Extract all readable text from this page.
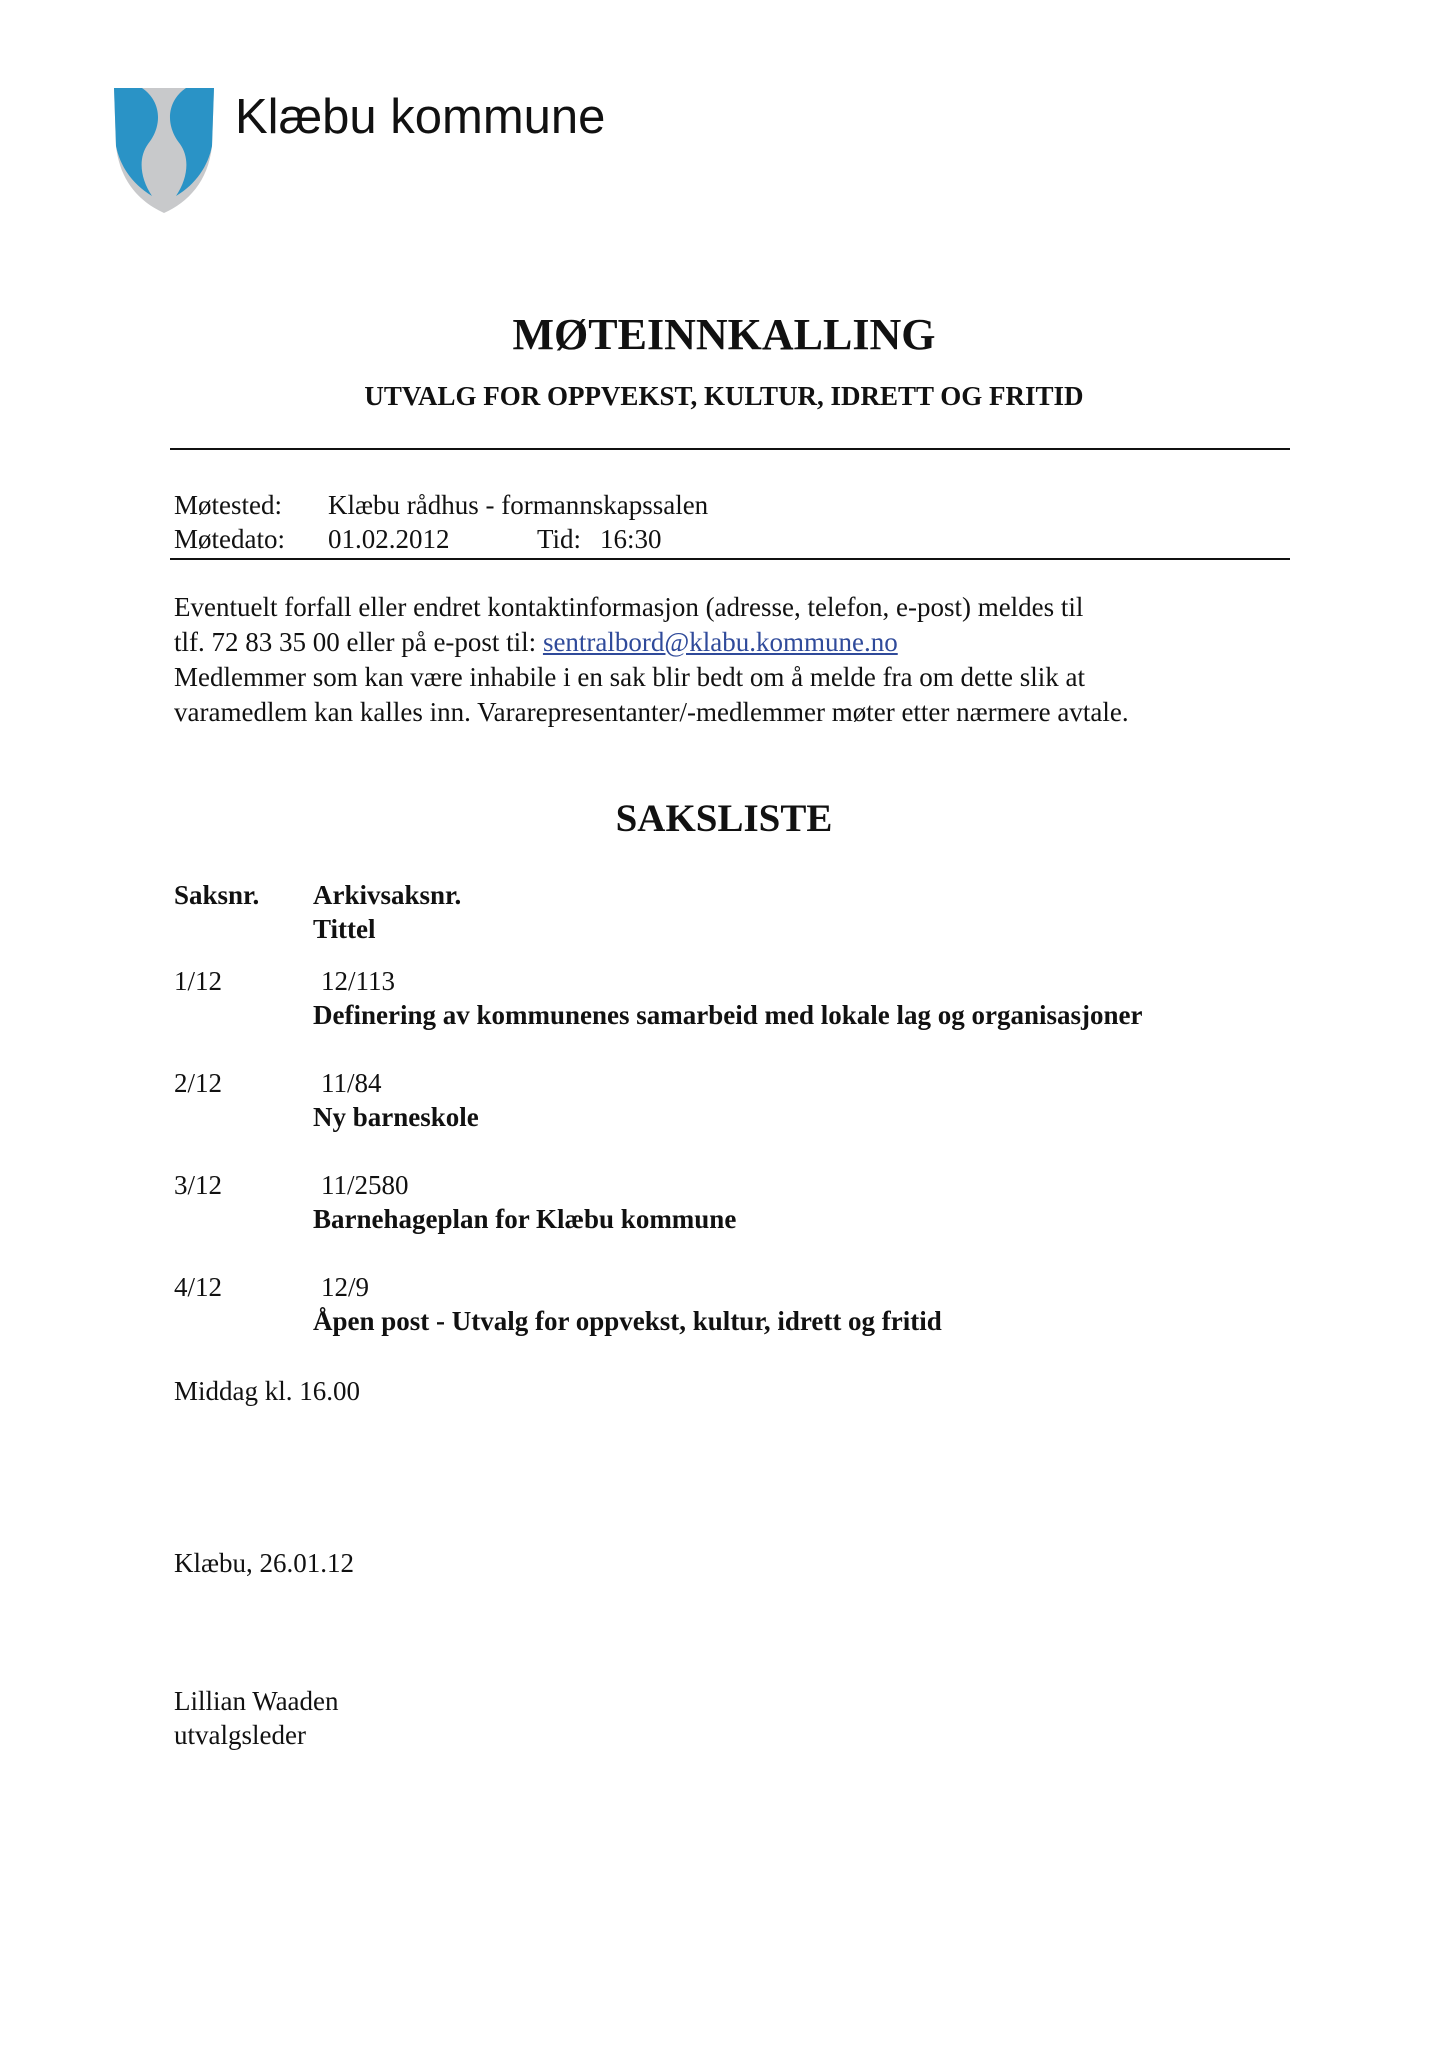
Klæbu kommune
MØTEINNKALLING
UTVALG FOR OPPVEKST, KULTUR, IDRETT OG FRITID
Møtested: Klæbu rådhus - formannskapssalen
Møtedato: 01.02.2012	Tid: 16:30

Eventuelt forfall eller endret kontaktinformasjon (adresse, telefon, e-post) meldes til

tlf. 72 83 35 00 eller på e-post til: sentralbord@klabu.kommune.no

Medlemmer som kan være inhabile i en sak blir bedt om å melde fra om dette slik at

varamedlem kan kalles inn. Vararepresentanter/-medlemmer møter etter nærmere avtale.

SAKSLISTE
Saksnr. Arkivsaksnr.
Tittel
1/12	12/113
Definering av kommunenes samarbeid med lokale lag og organisasjoner
2/12	11/84
Ny barneskole
3/12	11/2580
Barnehageplan for Klæbu kommune
4/12	12/9
Åpen post - Utvalg for oppvekst, kultur, idrett og fritid
Middag kl. 16.00
Klæbu, 26.01.12
Lillian Waaden
utvalgsleder
